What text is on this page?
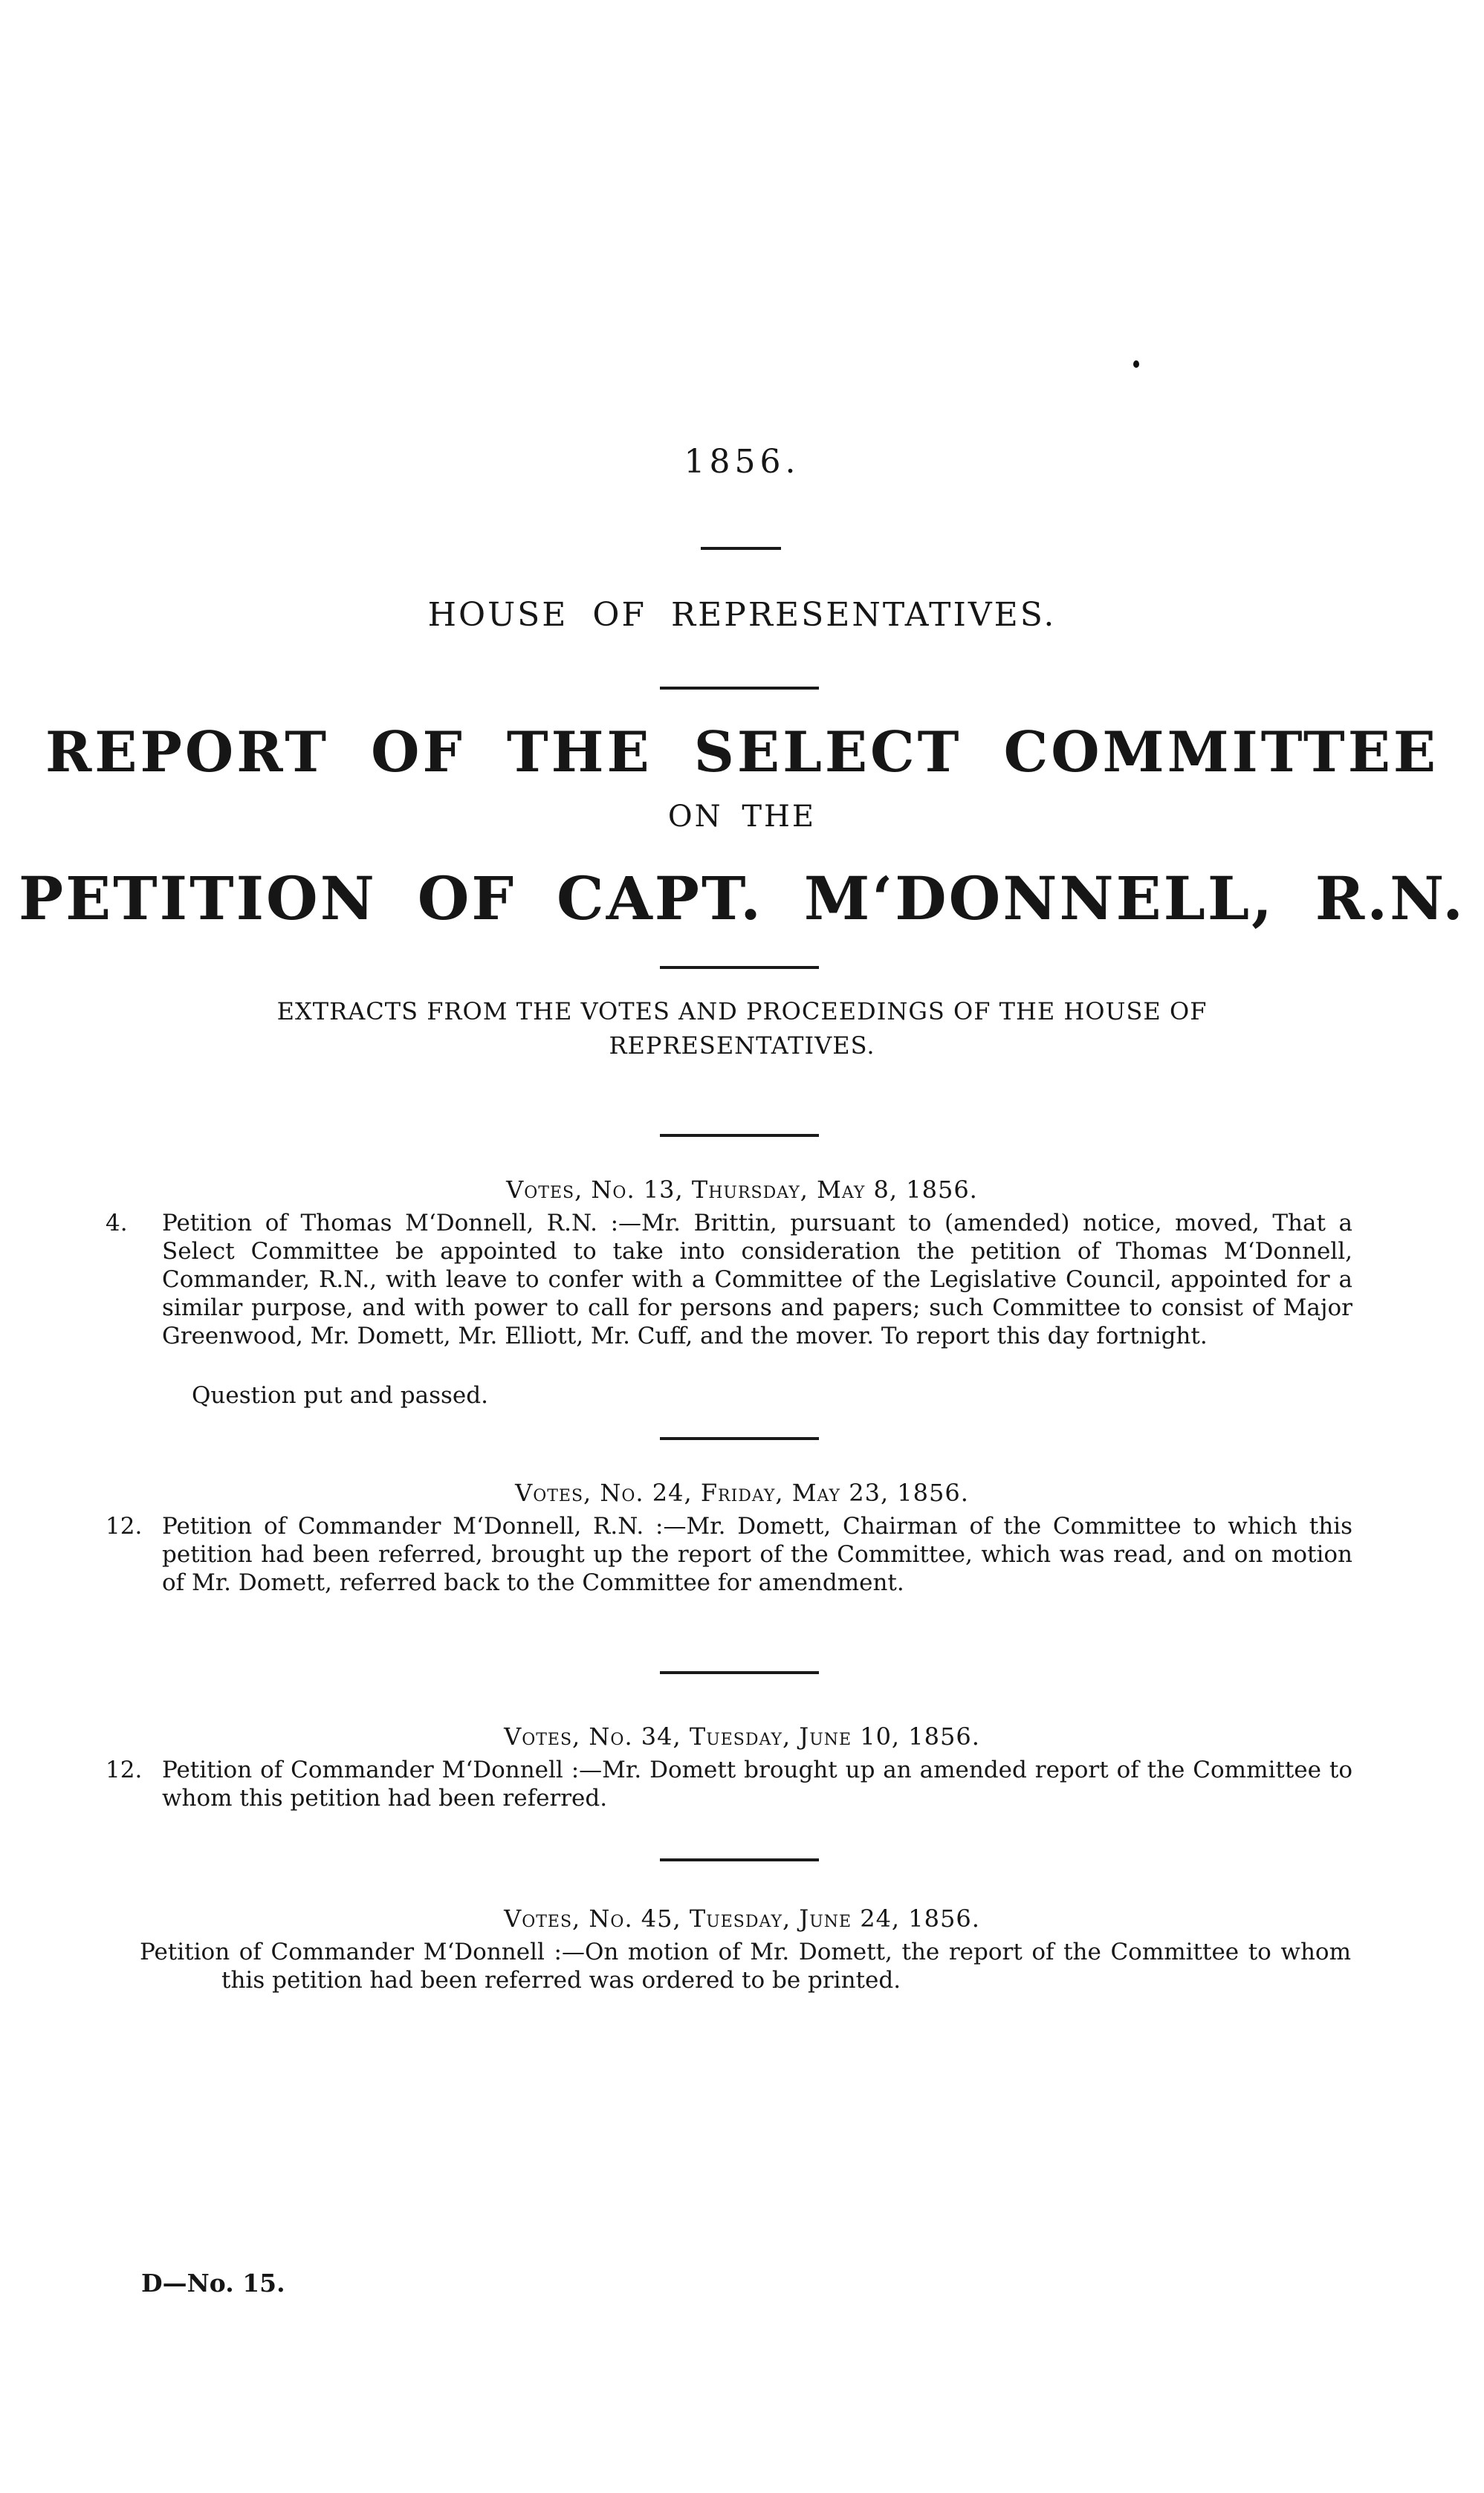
1856.
HOUSE OF REPRESENTATIVES.
REPORT OF THE SELECT COMMITTEE
ON THE
PETITION OF CAPT. M‘DONNELL, R.N.
EXTRACTS FROM THE VOTES AND PROCEEDINGS OF THE HOUSE OF REPRESENTATIVES.
Votes, No. 13, Thursday, May 8, 1856.
4. Petition of Thomas M‘Donnell, R.N. :—Mr. Brittin, pursuant to (amended) notice, moved, That a Select Committee be appointed to take into consideration the petition of Thomas M‘Donnell, Commander, R.N., with leave to confer with a Committee of the Legislative Council, appointed for a similar purpose, and with power to call for persons and papers; such Committee to consist of Major Greenwood, Mr. Domett, Mr. Elliott, Mr. Cuff, and the mover. To report this day fortnight.
Question put and passed.
Votes, No. 24, Friday, May 23, 1856.
12. Petition of Commander M‘Donnell, R.N. :—Mr. Domett, Chairman of the Committee to which this petition had been referred, brought up the report of the Committee, which was read, and on motion of Mr. Domett, referred back to the Committee for amendment.
Votes, No. 34, Tuesday, June 10, 1856.
12. Petition of Commander M‘Donnell :—Mr. Domett brought up an amended report of the Committee to whom this petition had been referred.
Votes, No. 45, Tuesday, June 24, 1856.
Petition of Commander M‘Donnell :—On motion of Mr. Domett, the report of the Committee to whom this petition had been referred was ordered to be printed.
D—No. 15.
